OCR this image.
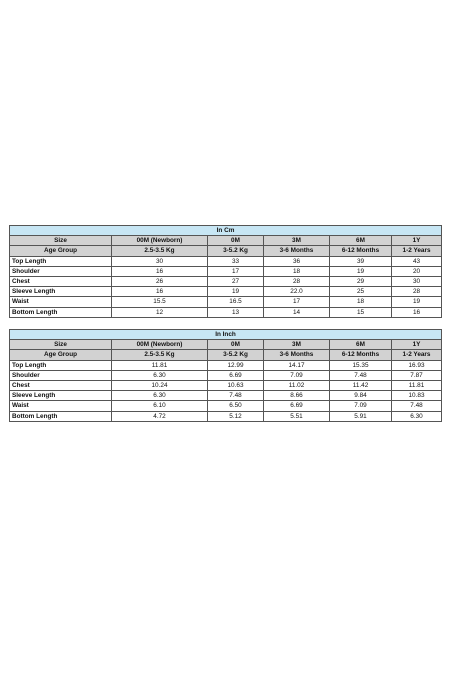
In Cm					
Size	00M (Newborn)	0M	3M	6M	1Y
Age Group	2.5-3.5 Kg	3-5.2 Kg	3-6 Months	6-12 Months	1-2 Years
Top Length	30	33	36	39	43
Shoulder	16	17	18	19	20
Chest	26	27	28	29	30
Sleeve Length	16	19	22.0	25	28
Waist	15.5	16.5	17	18	19
Bottom Length	12	13	14	15	16
In Inch					
Size	00M (Newborn)	0M	3M	6M	1Y
Age Group	2.5-3.5 Kg	3-5.2 Kg	3-6 Months	6-12 Months	1-2 Years
Top Length	11.81	12.99	14.17	15.35	16.93
Shoulder	6.30	6.69	7.09	7.48	7.87
Chest	10.24	10.63	11.02	11.42	11.81
Sleeve Length	6.30	7.48	8.66	9.84	10.83
Waist	6.10	6.50	6.69	7.09	7.48
Bottom Length	4.72	5.12	5.51	5.91	6.30
